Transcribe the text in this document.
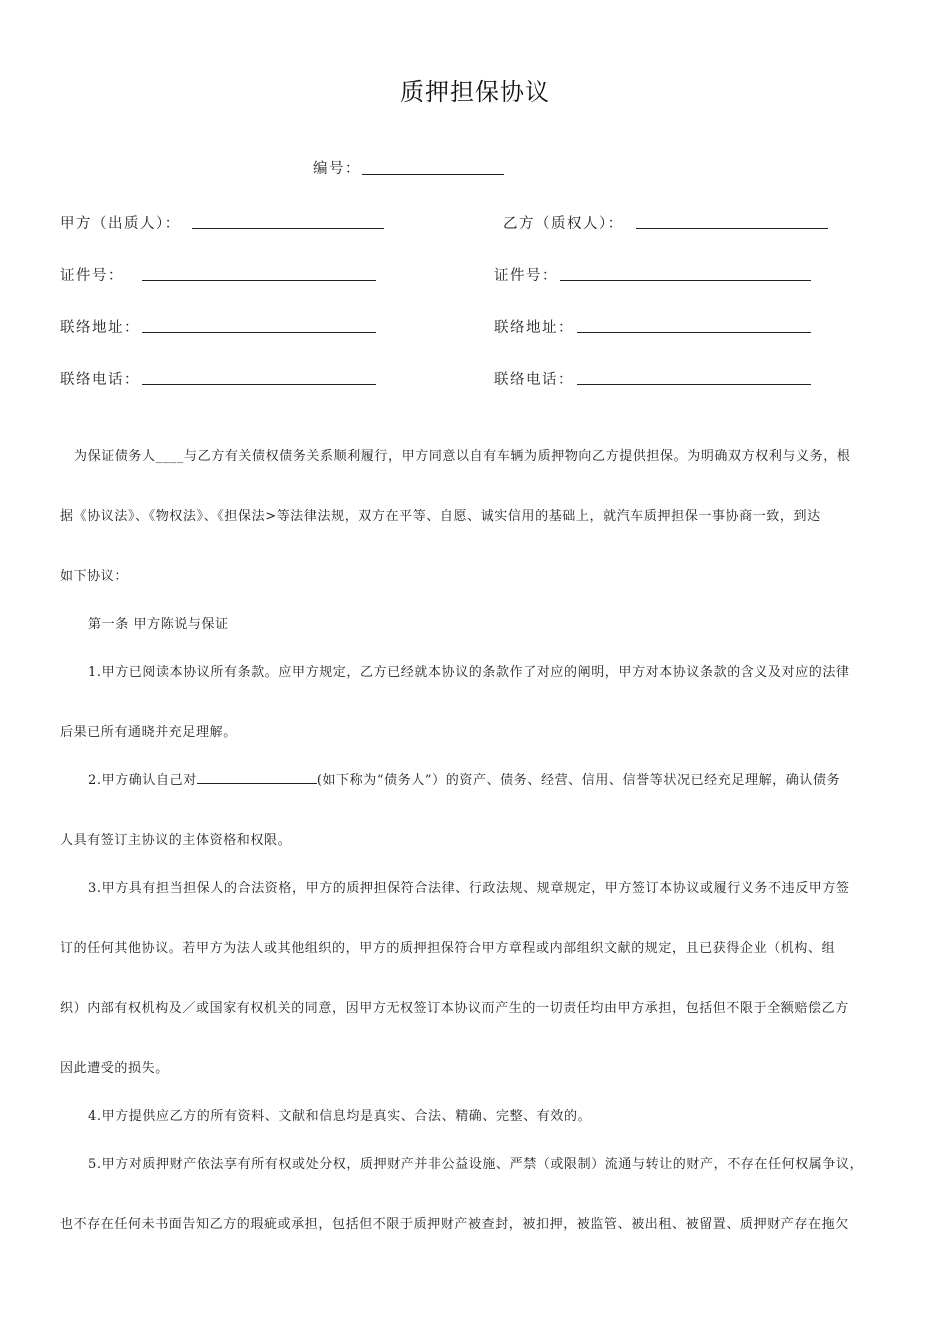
质押担保协议
编号：
甲方（出质人）：	乙方（质权人）：
证件号：	证件号：
联络地址：	联络地址：
联络电话：	联络电话：
为保证债务人____与乙方有关债权债务关系顺利履行，甲方同意以自有车辆为质押物向乙方提供担保。为明确双方权利与义务，根
据《协议法》、《物权法》、《担保法>等法律法规，双方在平等、自愿、诚实信用的基础上，就汽车质押担保一事协商一致，到达
如下协议：
第一条 甲方陈说与保证
1.甲方已阅读本协议所有条款。应甲方规定，乙方已经就本协议的条款作了对应的阐明，甲方对本协议条款的含义及对应的法律
后果已所有通晓并充足理解。
2.甲方确认自己对	(如下称为“债务人”）的资产、债务、经营、信用、信誉等状况已经充足理解，确认债务
人具有签订主协议的主体资格和权限。
3.甲方具有担当担保人的合法资格，甲方的质押担保符合法律、行政法规、规章规定，甲方签订本协议或履行义务不违反甲方签
订的任何其他协议。若甲方为法人或其他组织的，甲方的质押担保符合甲方章程或内部组织文献的规定，且已获得企业（机构、组
织）内部有权机构及／或国家有权机关的同意，因甲方无权签订本协议而产生的一切责任均由甲方承担，包括但不限于全额赔偿乙方
因此遭受的损失。
4.甲方提供应乙方的所有资料、文献和信息均是真实、合法、精确、完整、有效的。
5.甲方对质押财产依法享有所有权或处分权，质押财产并非公益设施、严禁（或限制）流通与转让的财产，不存在任何权属争议，
也不存在任何未书面告知乙方的瑕疵或承担，包括但不限于质押财产被查封，被扣押，被监管、被出租、被留置、质押财产存在拖欠
